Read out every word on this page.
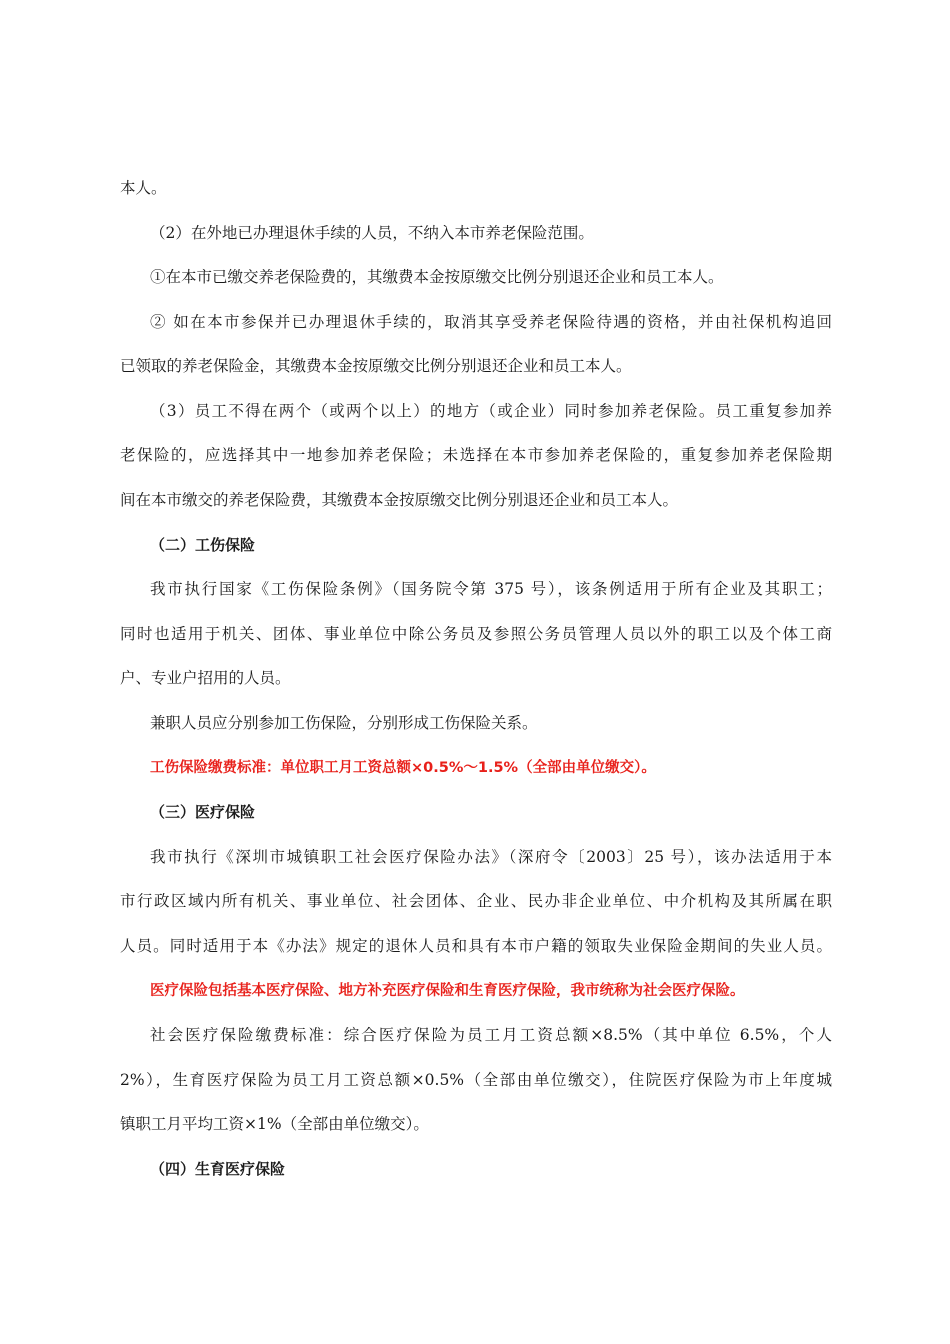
本人。
（2）在外地已办理退休手续的人员，不纳入本市养老保险范围。
①在本市已缴交养老保险费的，其缴费本金按原缴交比例分别退还企业和员工本人。
② 如在本市参保并已办理退休手续的，取消其享受养老保险待遇的资格，并由社保机构追回
已领取的养老保险金，其缴费本金按原缴交比例分别退还企业和员工本人。
（3）员工不得在两个（或两个以上）的地方（或企业）同时参加养老保险。员工重复参加养
老保险的，应选择其中一地参加养老保险；未选择在本市参加养老保险的，重复参加养老保险期
间在本市缴交的养老保险费，其缴费本金按原缴交比例分别退还企业和员工本人。
（二）工伤保险
我市执行国家《工伤保险条例》（国务院令第 375 号），该条例适用于所有企业及其职工；
同时也适用于机关、团体、事业单位中除公务员及参照公务员管理人员以外的职工以及个体工商
户、专业户招用的人员。
兼职人员应分别参加工伤保险，分别形成工伤保险关系。
工伤保险缴费标准：单位职工月工资总额×0.5%～1.5%（全部由单位缴交）。
（三）医疗保险
我市执行《深圳市城镇职工社会医疗保险办法》（深府令〔2003〕25 号），该办法适用于本
市行政区域内所有机关、事业单位、社会团体、企业、民办非企业单位、中介机构及其所属在职
人员。同时适用于本《办法》规定的退休人员和具有本市户籍的领取失业保险金期间的失业人员。
医疗保险包括基本医疗保险、地方补充医疗保险和生育医疗保险，我市统称为社会医疗保险。
社会医疗保险缴费标准：综合医疗保险为员工月工资总额×8.5%（其中单位 6.5%，个人
2%），生育医疗保险为员工月工资总额×0.5%（全部由单位缴交），住院医疗保险为市上年度城
镇职工月平均工资×1%（全部由单位缴交）。
（四）生育医疗保险
